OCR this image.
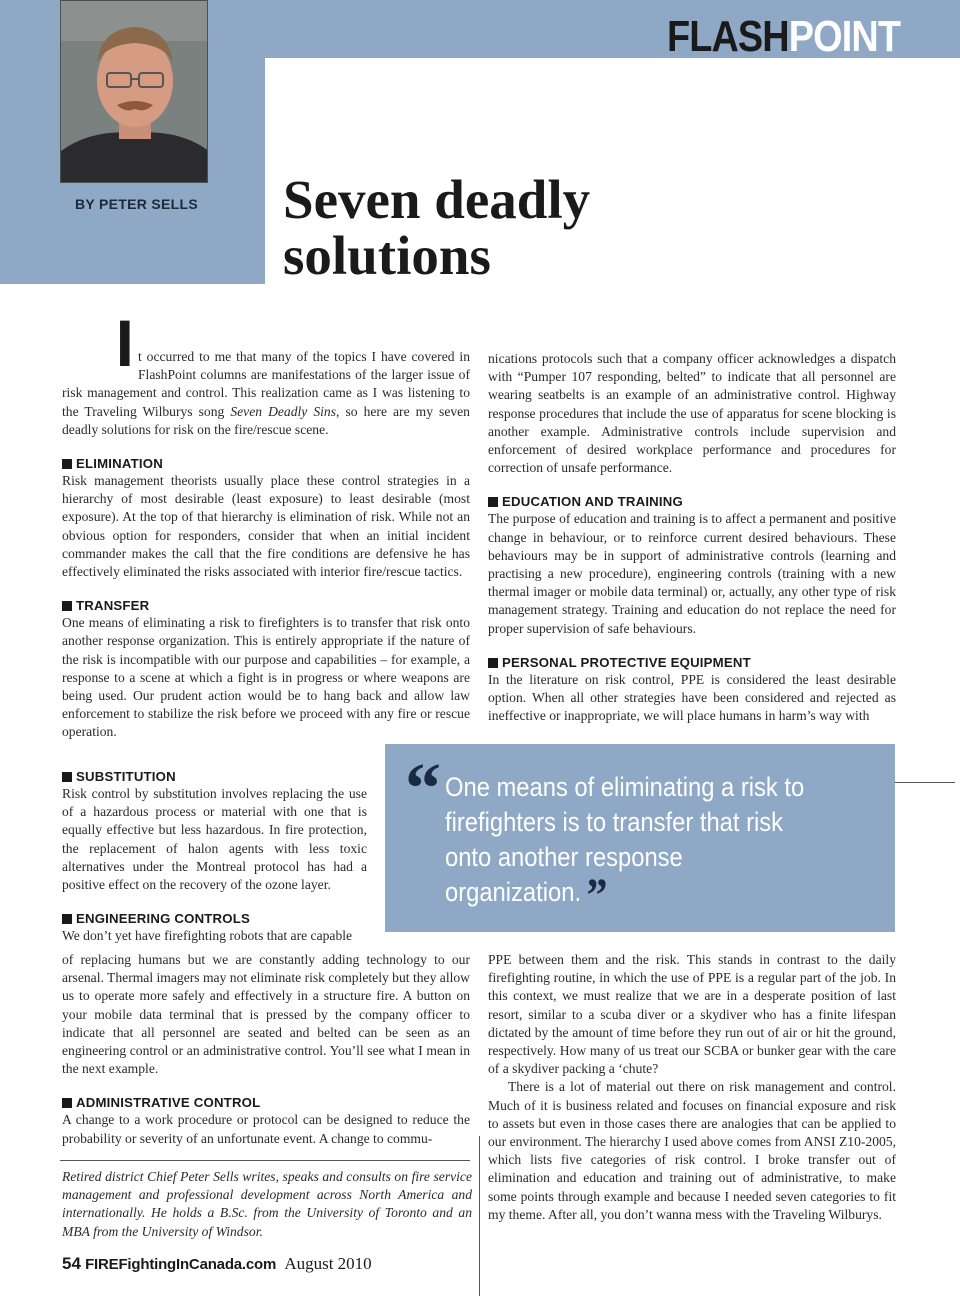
FLASHPOINT
BY PETER SELLS Seven deadly
solutions
I t occurred to me that many of the topics I have covered in FlashPoint columns are manifestations of the larger issue of risk management and control. This realization came as I was listening to the Traveling Wilburys song Seven Deadly Sins, so here are my seven deadly solutions for risk on the fire/rescue scene.
ELIMINATION

Risk management theorists usually place these control strategies in a hierarchy of most desirable (least exposure) to least desirable (most exposure). At the top of that hierarchy is elimination of risk. While not an obvious option for responders, consider that when an initial incident commander makes the call that the fire conditions are defensive he has effectively eliminated the risks associated with interior fire/rescue tactics.

TRANSFER

One means of eliminating a risk to firefighters is to transfer that risk onto another response organization. This is entirely appropriate if the nature of the risk is incompatible with our purpose and capabilities – for example, a response to a scene at which a fight is in progress or where weapons are being used. Our prudent action would be to hang back and allow law enforcement to stabilize the risk before we proceed with any fire or rescue operation.

SUBSTITUTION

Risk control by substitution involves replacing the use of a hazardous process or material with one that is equally effective but less hazardous. In fire protection, the replacement of halon agents with less toxic alternatives under the Montreal protocol has had a positive effect on the recovery of the ozone layer.

ENGINEERING CONTROLS

We don’t yet have firefighting robots that are capable

of replacing humans but we are constantly adding technology to our arsenal. Thermal imagers may not eliminate risk completely but they allow us to operate more safely and effectively in a structure fire. A button on your mobile data terminal that is pressed by the company officer to indicate that all personnel are seated and belted can be seen as an engineering control or an administrative control. You’ll see what I mean in the next example.

ADMINISTRATIVE CONTROL

A change to a work procedure or protocol can be designed to reduce the probability or severity of an unfortunate event. A change to commu-

nications protocols such that a company officer acknowledges a dispatch with “Pumper 107 responding, belted” to indicate that all personnel are wearing seatbelts is an example of an administrative control. Highway response procedures that include the use of apparatus for scene blocking is another example. Administrative controls include supervision and enforcement of desired workplace performance and procedures for correction of unsafe performance.

EDUCATION AND TRAINING

The purpose of education and training is to affect a permanent and positive change in behaviour, or to reinforce current desired behaviours. These behaviours may be in support of administrative controls (learning and practising a new procedure), engineering controls (training with a new thermal imager or mobile data terminal) or, actually, any other type of risk management strategy. Training and education do not replace the need for proper supervision of safe behaviours.

PERSONAL PROTECTIVE EQUIPMENT

In the literature on risk control, PPE is considered the least desirable option. When all other strategies have been considered and rejected as ineffective or inappropriate, we will place humans in harm’s way with

“ One means of eliminating a risk to firefighters is to transfer that risk onto another response organization. ”

PPE between them and the risk. This stands in contrast to the daily firefighting routine, in which the use of PPE is a regular part of the job. In this context, we must realize that we are in a desperate position of last resort, similar to a scuba diver or a skydiver who has a finite lifespan dictated by the amount of time before they run out of air or hit the ground, respectively. How many of us treat our SCBA or bunker gear with the care of a skydiver packing a ‘chute?

There is a lot of material out there on risk management and control. Much of it is business related and focuses on financial exposure and risk to assets but even in those cases there are analogies that can be applied to our environment. The hierarchy I used above comes from ANSI Z10-2005, which lists five categories of risk control. I broke transfer out of elimination and education and training out of administrative, to make some points through example and because I needed seven categories to fit my theme. After all, you don’t wanna mess with the Traveling Wilburys.

Retired district Chief Peter Sells writes, speaks and consults on fire service management and professional development across North America and internationally. He holds a B.Sc. from the University of Toronto and an MBA from the University of Windsor.

54 FIREFightingInCanada.com August 2010
